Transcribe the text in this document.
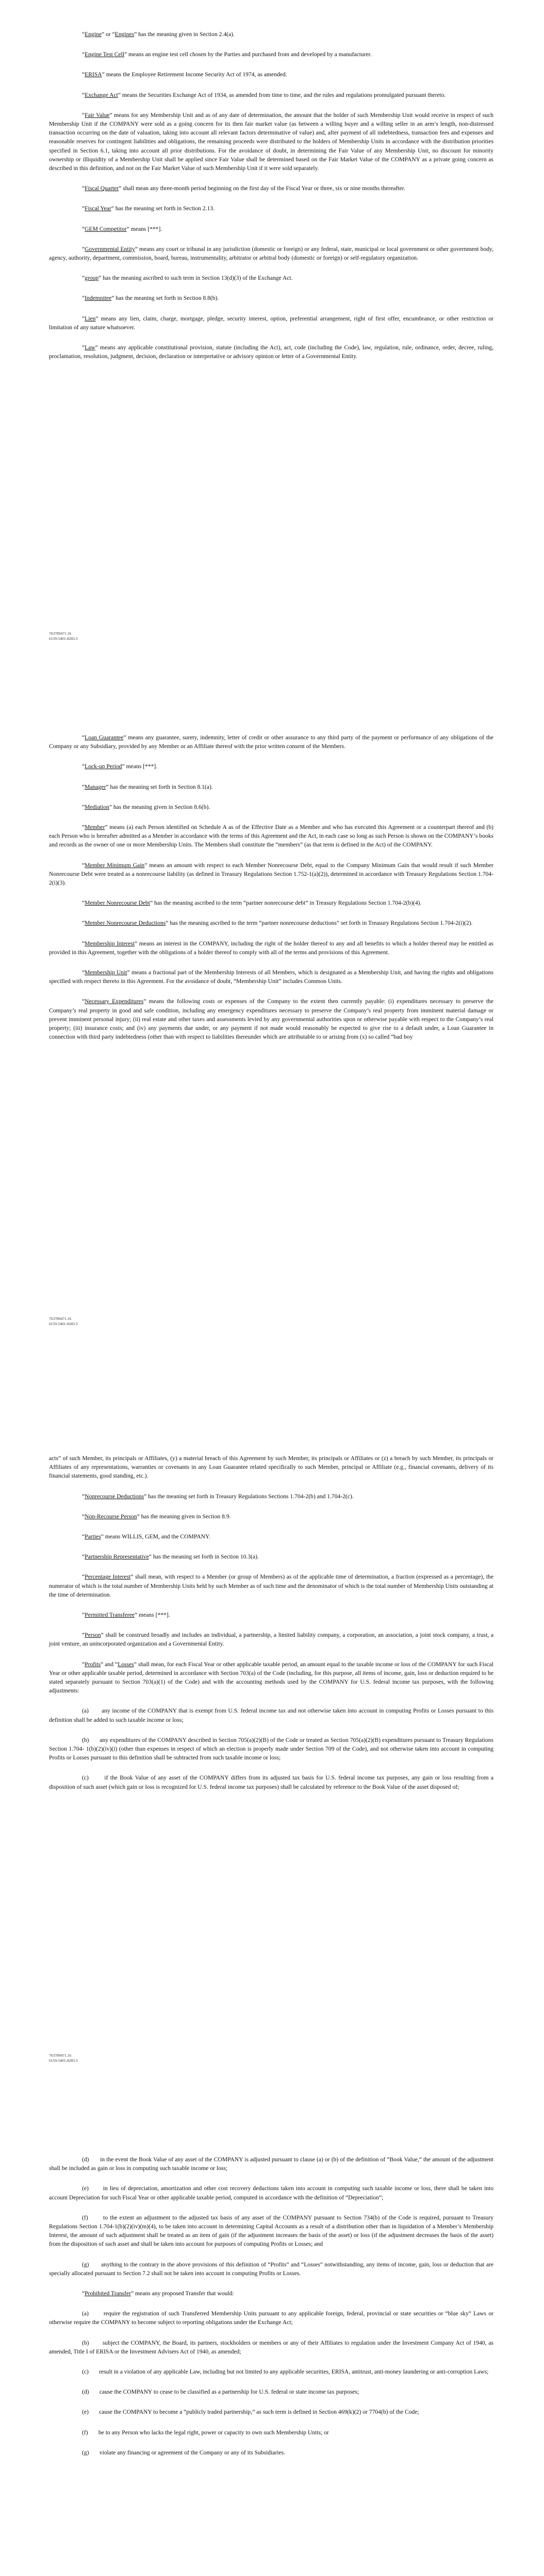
“Engine” or “Engines” has the meaning given in Section 2.4(a).

“Engine Test Cell” means an engine test cell chosen by the Parties and purchased from and developed by a manufacturer.

“ERISA” means the Employee Retirement Income Security Act of 1974, as amended.

“Exchange Act” means the Securities Exchange Act of 1934, as amended from time to time, and the rules and regulations promulgated pursuant thereto.

“Fair Value” means for any Membership Unit and as of any date of determination, the amount that the holder of such Membership Unit would receive in respect of such Membership Unit if the COMPANY were sold as a going concern for its then fair market value (as between a willing buyer and a willing seller in an arm’s length, non-distressed transaction occurring on the date of valuation, taking into account all relevant factors determinative of value) and, after payment of all indebtedness, transaction fees and expenses and reasonable reserves for contingent liabilities and obligations, the remaining proceeds were distributed to the holders of Membership Units in accordance with the distribution priorities specified in Section 6.1, taking into account all prior distributions. For the avoidance of doubt, in determining the Fair Value of any Membership Unit, no discount for minority ownership or illiquidity of a Membership Unit shall be applied since Fair Value shall be determined based on the Fair Market Value of the COMPANY as a private going concern as described in this definition, and not on the Fair Market Value of such Membership Unit if it were sold separately.

“Fiscal Quarter” shall mean any three-month period beginning on the first day of the Fiscal Year or three, six or nine months thereafter.

“Fiscal Year” has the meaning set forth in Section 2.13.

“GEM Competitor” means [***].

“Governmental Entity” means any court or tribunal in any jurisdiction (domestic or foreign) or any federal, state, municipal or local government or other government body, agency, authority, department, commission, board, bureau, instrumentality, arbitrator or arbitral body (domestic or foreign) or self-regulatory organization.

“group” has the meaning ascribed to such term in Section 13(d)(3) of the Exchange Act.

“Indemnitee” has the meaning set forth in Section 8.8(b).

“Lien” means any lien, claim, charge, mortgage, pledge, security interest, option, preferential arrangement, right of first offer, encumbrance, or other restriction or limitation of any nature whatsoever.

“Law” means any applicable constitutional provision, statute (including the Act), act, code (including the Code), law, regulation, rule, ordinance, order, decree, ruling, proclamation, resolution, judgment, decision, declaration or interpretative or advisory opinion or letter of a Governmental Entity.

763789471.16
6159-5401-8283.3

“Loan Guarantee” means any guarantee, surety, indemnity, letter of credit or other assurance to any third party of the payment or performance of any obligations of the Company or any Subsidiary, provided by any Member or an Affiliate thereof with the prior written consent of the Members.

“Lock-up Period” means [***].

“Manager” has the meaning set forth in Section 8.1(a).

“Mediation” has the meaning given in Section 8.6(b).

“Member” means (a) each Person identified on Schedule A as of the Effective Date as a Member and who has executed this Agreement or a counterpart thereof and (b) each Person who is hereafter admitted as a Member in accordance with the terms of this Agreement and the Act, in each case so long as such Person is shown on the COMPANY’s books and records as the owner of one or more Membership Units. The Members shall constitute the “members” (as that term is defined in the Act) of the COMPANY.

“Member Minimum Gain” means an amount with respect to each Member Nonrecourse Debt, equal to the Company Minimum Gain that would result if such Member Nonrecourse Debt were treated as a nonrecourse liability (as defined in Treasury Regulations Section 1.752-1(a)(2)), determined in accordance with Treasury Regulations Section 1.704-2(i)(3).

“Member Nonrecourse Debt” has the meaning ascribed to the term “partner nonrecourse debt” in Treasury Regulations Section 1.704-2(b)(4).

“Member Nonrecourse Deductions” has the meaning ascribed to the term “partner nonrecourse deductions” set forth in Treasury Regulations Section 1.704-2(i)(2).

“Membership Interest” means an interest in the COMPANY, including the right of the holder thereof to any and all benefits to which a holder thereof may be entitled as provided in this Agreement, together with the obligations of a holder thereof to comply with all of the terms and provisions of this Agreement.

“Membership Unit” means a fractional part of the Membership Interests of all Members, which is designated as a Membership Unit, and having the rights and obligations specified with respect thereto in this Agreement. For the avoidance of doubt, “Membership Unit” includes Common Units.

“Necessary Expenditures” means the following costs or expenses of the Company to the extent then currently payable: (i) expenditures necessary to preserve the Company’s real property in good and safe condition, including any emergency expenditures necessary to preserve the Company’s real property from imminent material damage or prevent imminent personal injury; (ii) real estate and other taxes and assessments levied by any governmental authorities upon or otherwise payable with respect to the Company’s real property; (iii) insurance costs; and (iv) any payments due under, or any payment if not made would reasonably be expected to give rise to a default under, a Loan Guarantee in connection with third party indebtedness (other than with respect to liabilities thereunder which are attributable to or arising from (x) so called “bad boy

763789471.16
6159-5401-8283.3

acts” of such Member, its principals or Affiliates, (y) a material breach of this Agreement by such Member, its principals or Affiliates or (z) a breach by such Member, its principals or Affiliates of any representations, warranties or covenants in any Loan Guarantee related specifically to such Member, principal or Affiliate (e.g., financial covenants, delivery of its financial statements, good standing, etc.).

“Nonrecourse Deductions” has the meaning set forth in Treasury Regulations Sections 1.704-2(b) and 1.704-2(c).

“Non-Recourse Person” has the meaning given in Section 8.9.

“Parties” means WILLIS, GEM, and the COMPANY.

“Partnership Representative” has the meaning set forth in Section 10.3(a).

“Percentage Interest” shall mean, with respect to a Member (or group of Members) as of the applicable time of determination, a fraction (expressed as a percentage), the numerator of which is the total number of Membership Units held by such Member as of such time and the denominator of which is the total number of Membership Units outstanding at the time of determination.

“Permitted Transferee” means [***].

“Person” shall be construed broadly and includes an individual, a partnership, a limited liability company, a corporation, an association, a joint stock company, a trust, a joint venture, an unincorporated organization and a Governmental Entity.

“Profits” and “Losses” shall mean, for each Fiscal Year or other applicable taxable period, an amount equal to the taxable income or loss of the COMPANY for such Fiscal Year or other applicable taxable period, determined in accordance with Section 703(a) of the Code (including, for this purpose, all items of income, gain, loss or deduction required to be stated separately pursuant to Section 703(a)(1) of the Code) and with the accounting methods used by the COMPANY for U.S. federal income tax purposes, with the following adjustments:

(a)       any income of the COMPANY that is exempt from U.S. federal income tax and not otherwise taken into account in computing Profits or Losses pursuant to this definition shall be added to such taxable income or loss;

(b)       any expenditures of the COMPANY described in Section 705(a)(2)(B) of the Code or treated as Section 705(a)(2)(B) expenditures pursuant to Treasury Regulations Section 1.704- 1(b)(2)(iv)(i) (other than expenses in respect of which an election is properly made under Section 709 of the Code), and not otherwise taken into account in computing Profits or Losses pursuant to this definition shall be subtracted from such taxable income or loss;

(c)       if the Book Value of any asset of the COMPANY differs from its adjusted tax basis for U.S. federal income tax purposes, any gain or loss resulting from a disposition of such asset (which gain or loss is recognized for U.S. federal income tax purposes) shall be calculated by reference to the Book Value of the asset disposed of;

763789471.16
6159-5401-8283.3

(d)       in the event the Book Value of any asset of the COMPANY is adjusted pursuant to clause (a) or (b) of the definition of “Book Value,” the amount of the adjustment shall be included as gain or loss in computing such taxable income or loss;

(e)       in lieu of depreciation, amortization and other cost recovery deductions taken into account in computing such taxable income or loss, there shall be taken into account Depreciation for such Fiscal Year or other applicable taxable period, computed in accordance with the definition of “Depreciation”;

(f)       to the extent an adjustment to the adjusted tax basis of any asset of the COMPANY pursuant to Section 734(b) of the Code is required, pursuant to Treasury Regulations Section 1.704-1(b)(2)(iv)(m)(4), to be taken into account in determining Capital Accounts as a result of a distribution other than in liquidation of a Member’s Membership Interest, the amount of such adjustment shall be treated as an item of gain (if the adjustment increases the basis of the asset) or loss (if the adjustment decreases the basis of the asset) from the disposition of such asset and shall be taken into account for purposes of computing Profits or Losses; and

(g)       anything to the contrary in the above provisions of this definition of “Profits” and “Losses” notwithstanding, any items of income, gain, loss or deduction that are specially allocated pursuant to Section 7.2 shall not be taken into account in computing Profits or Losses.

“Prohibited Transfer” means any proposed Transfer that would:

(a)       require the registration of such Transferred Membership Units pursuant to any applicable foreign, federal, provincial or state securities or “blue sky” Laws or otherwise require the COMPANY to become subject to reporting obligations under the Exchange Act;

(b)       subject the COMPANY, the Board, its partners, stockholders or members or any of their Affiliates to regulation under the Investment Company Act of 1940, as amended, Title I of ERISA or the Investment Advisers Act of 1940, as amended;

(c)       result in a violation of any applicable Law, including but not limited to any applicable securities, ERISA, antitrust, anti-money laundering or anti-corruption Laws;

(d)       cause the COMPANY to cease to be classified as a partnership for U.S. federal or state income tax purposes;

(e)       cause the COMPANY to become a “publicly traded partnership,” as such term is defined in Section 469(k)(2) or 7704(b) of the Code;

(f)       be to any Person who lacks the legal right, power or capacity to own such Membership Units; or

(g)       violate any financing or agreement of the Company or any of its Subsidiaries.
